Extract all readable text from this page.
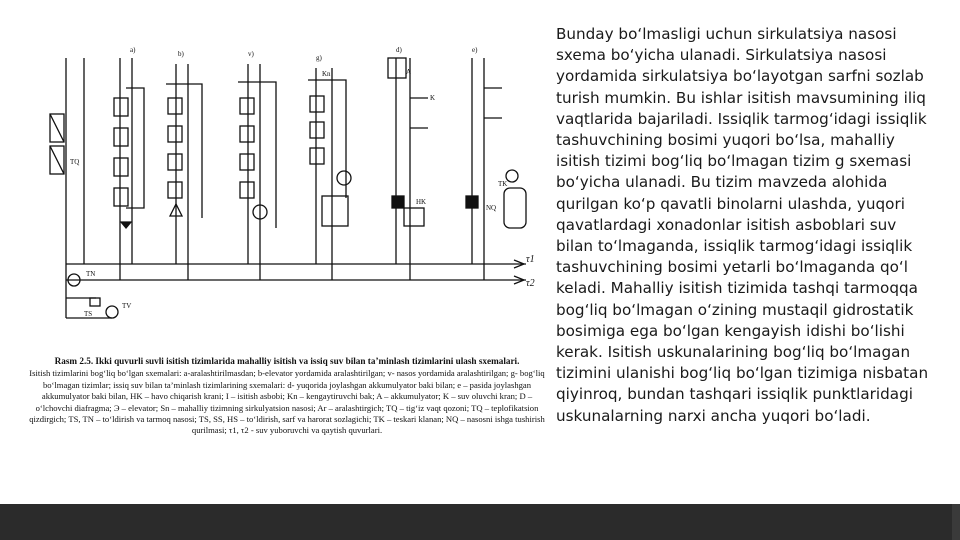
a)	b)	v)	g)
d)	e)
τ1
τ2
TQ
TN
TS
TV
HK
Kn	A
K
NQ
TK
Rasm 2.5. Ikki quvurli suvli isitish tizimlarida mahalliy isitish va issiq suv bilan ta’minlash tizimlarini ulash sxemalari.
Isitish tizimlarini bog‘liq bo‘lgan sxemalari: a-aralashtirilmasdan; b-elevator yordamida aralashtirilgan; v- nasos yordamida aralashtirilgan; g- bog‘liq bo‘lmagan tizimlar; issiq suv bilan ta’minlash tizimlarining sxemalari: d- yuqorida joylashgan akkumulyator baki bilan; e – pasida joylashgan akkumulyator baki bilan, HK – havo chiqarish krani; I – isitish asbobi; Kn – kengaytiruvchi bak; A – akkumulyator; K – suv oluvchi kran; D – o‘lchovchi diafragma; Э – elevator; Sn – mahalliy tizimning sirkulyatsion nasosi; Ar – aralashtirgich; TQ – tig‘iz vaqt qozoni; TQ – teplofikatsion qizdirgich; TS, TN – to‘ldirish va tarmoq nasosi; TS, SS, HS – to‘ldirish, sarf va harorat sozlagichi; TK – teskari klanan; NQ – nasosni ishga tushirish qurilmasi; τ1, τ2 - suv yuboruvchi va qaytish quvurlari.

Bunday bo‘lmasligi uchun sirkulatsiya nasosi sxema bo‘yicha ulanadi. Sirkulatsiya nasosi yordamida sirkulatsiya bo‘layotgan sarfni sozlab turish mumkin. Bu ishlar isitish mavsumining iliq vaqtlarida bajariladi. Issiqlik tarmog‘idagi issiqlik tashuvchining bosimi yuqori bo‘lsa, mahalliy isitish tizimi bog‘liq bo‘lmagan tizim g sxemasi bo‘yicha ulanadi. Bu tizim mavzeda alohida qurilgan ko‘p qavatli binolarni ulashda, yuqori qavatlardagi xonadonlar isitish asboblari suv bilan to‘lmaganda, issiqlik tarmog‘idagi issiqlik tashuvchining bosimi yetarli bo‘lmaganda qo‘l keladi. Mahalliy isitish tizimida tashqi tarmoqqa bog‘liq bo‘lmagan o‘zining mustaqil gidrostatik bosimiga ega bo‘lgan kengayish idishi bo‘lishi kerak. Isitish uskunalarining bog‘liq bo‘lmagan tizimini ulanishi bog‘liq bo‘lgan tizimiga nisbatan qiyinroq, bundan tashqari issiqlik punktlaridagi uskunalarning narxi ancha yuqori bo‘ladi.
